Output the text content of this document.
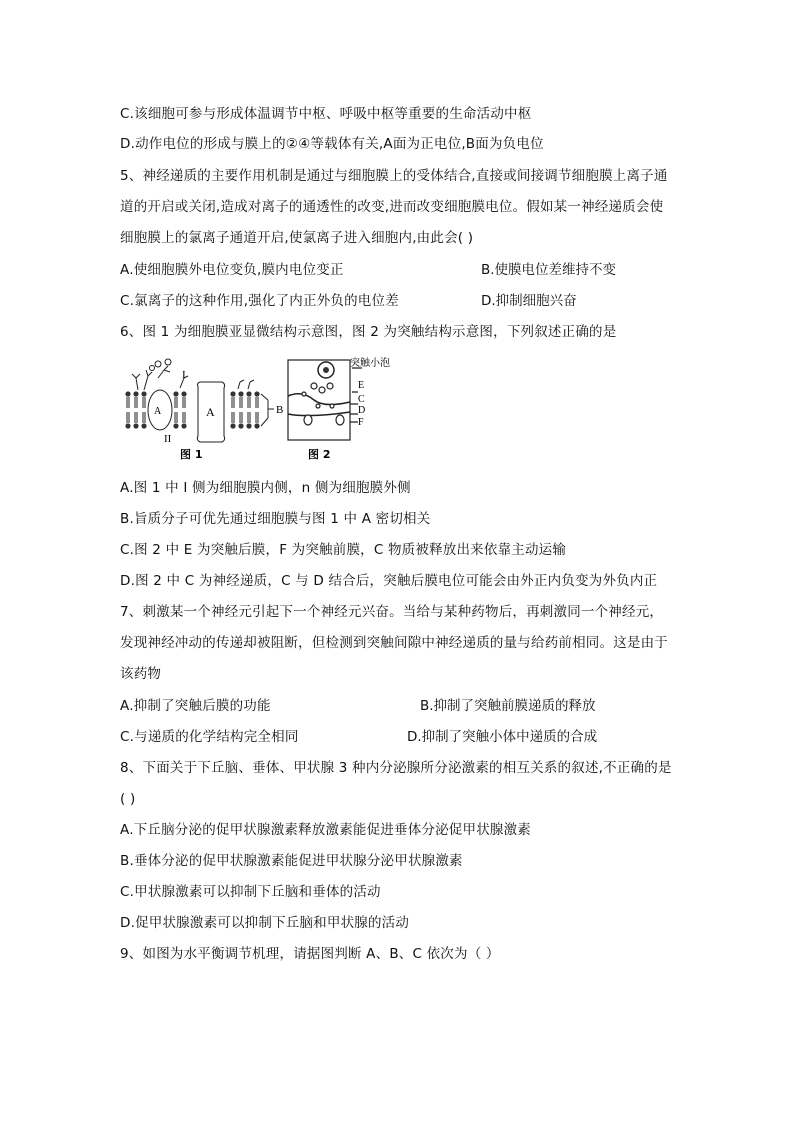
C.该细胞可参与形成体温调节中枢、呼吸中枢等重要的生命活动中枢
D.动作电位的形成与膜上的②④等载体有关,A面为正电位,B面为负电位
5、神经递质的主要作用机制是通过与细胞膜上的受体结合,直接或间接调节细胞膜上离子通
道的开启或关闭,造成对离子的通透性的改变,进而改变细胞膜电位。假如某一神经递质会使
细胞膜上的氯离子通道开启,使氯离子进入细胞内,由此会( )
A.使细胞膜外电位变负,膜内电位变正	B.使膜电位差维持不变
C.氯离子的这种作用,强化了内正外负的电位差	D.抑制细胞兴奋
6、图 1 为细胞膜亚显微结构示意图，图 2 为突触结构示意图，下列叙述正确的是
A	A
I
II
B
图 1
突触小泡
E
C
D
F
图 2
A.图 1 中 I 侧为细胞膜内侧，n 侧为细胞膜外侧
B.旨质分子可优先通过细胞膜与图 1 中 A 密切相关
C.图 2 中 E 为突触后膜，F 为突触前膜，C 物质被释放出来依靠主动运输
D.图 2 中 C 为神经递质，C 与 D 结合后，突触后膜电位可能会由外正内负变为外负内正
7、刺激某一个神经元引起下一个神经元兴奋。当给与某种药物后，再刺激同一个神经元，
发现神经冲动的传递却被阻断，但检测到突触间隙中神经递质的量与给药前相同。这是由于
该药物
A.抑制了突触后膜的功能	B.抑制了突触前膜递质的释放
C.与递质的化学结构完全相同	D.抑制了突触小体中递质的合成
8、下面关于下丘脑、垂体、甲状腺 3 种内分泌腺所分泌激素的相互关系的叙述,不正确的是
( )
A.下丘脑分泌的促甲状腺激素释放激素能促进垂体分泌促甲状腺激素
B.垂体分泌的促甲状腺激素能促进甲状腺分泌甲状腺激素
C.甲状腺激素可以抑制下丘脑和垂体的活动
D.促甲状腺激素可以抑制下丘脑和甲状腺的活动
9、如图为水平衡调节机理，请据图判断 A、B、C 依次为（ ）
